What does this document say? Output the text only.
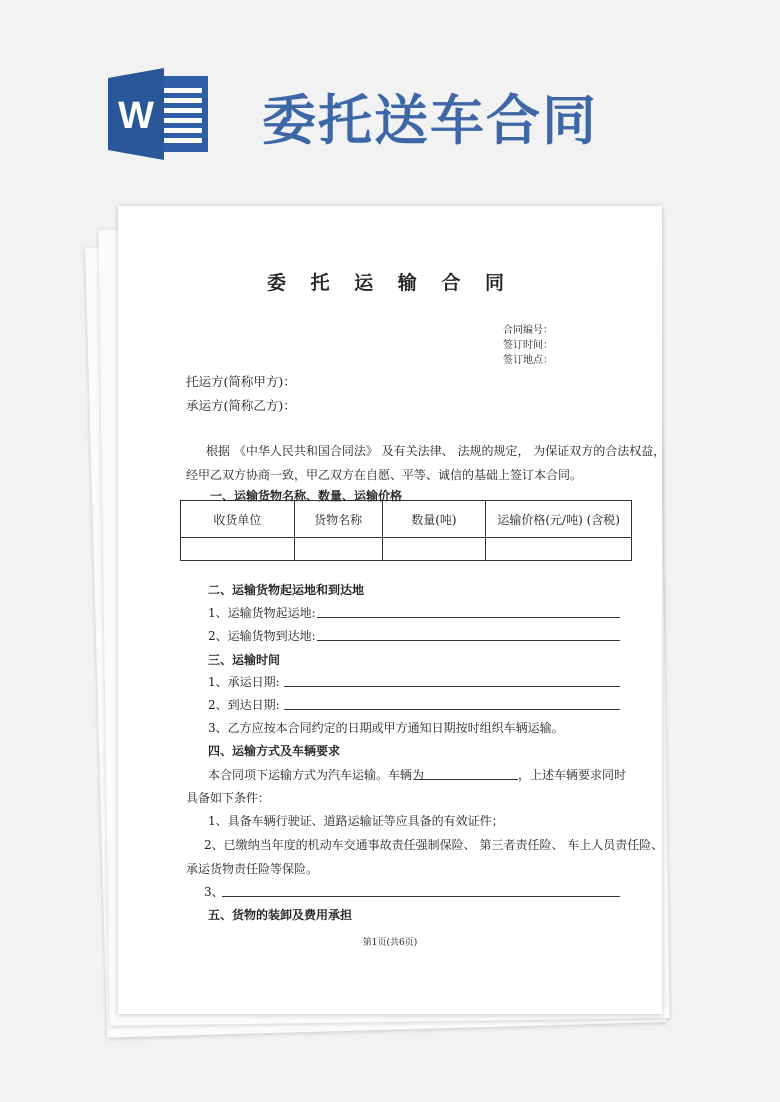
W 委托送车合同
委 托 运 输 合 同
合同编号：
签订时间：
签订地点：
托运方(简称甲方)：
承运方(简称乙方)：
根据 《中华人民共和国合同法》 及有关法律、 法规的规定， 为保证双方的合法权益，
经甲乙双方协商一致，甲乙双方在自愿、平等、诚信的基础上签订本合同。
一、运输货物名称、数量、运输价格
收货单位	货物名称	数量(吨)	运输价格(元/吨) (含税)

二、运输货物起运地和到达地
1、运输货物起运地:
2、运输货物到达地:
三、运输时间
1、承运日期:
2、到达日期:
3、乙方应按本合同约定的日期或甲方通知日期按时组织车辆运输。
四、运输方式及车辆要求
本合同项下运输方式为汽车运输。车辆为	，上述车辆要求同时
具备如下条件：
1、具备车辆行驶证、道路运输证等应具备的有效证件；
2、已缴纳当年度的机动车交通事故责任强制保险、 第三者责任险、 车上人员责任险、
承运货物责任险等保险。
3、
五、货物的装卸及费用承担
第1页(共6页)
